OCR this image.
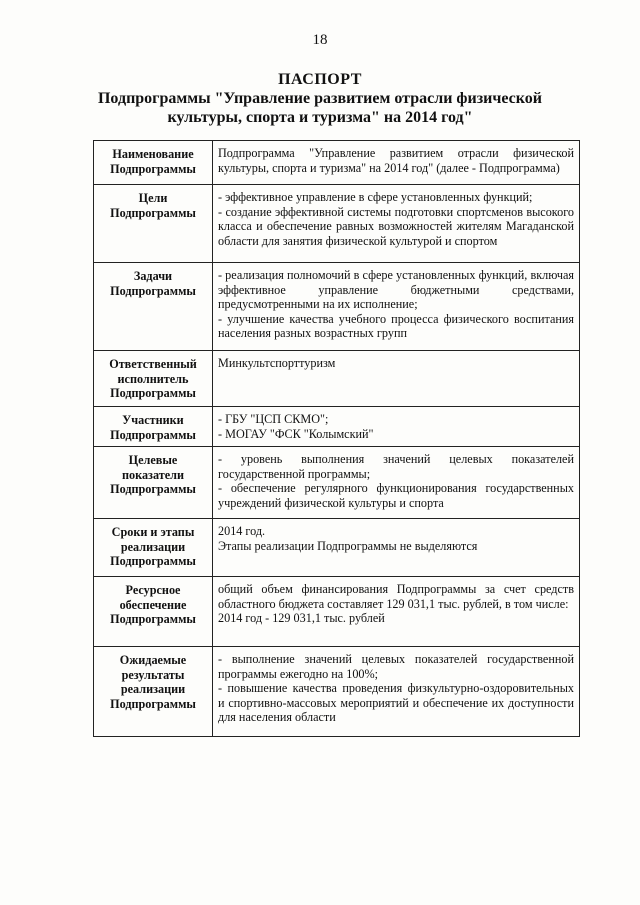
18
ПАСПОРТ
Подпрограммы "Управление развитием отрасли физической
культуры, спорта и туризма" на 2014 год"
Наименование Подпрограммы	Подпрограмма "Управление развитием отрасли физической культуры, спорта и туризма" на 2014 год" (далее - Подпрограмма)

Цели Подпрограммы	- эффективное управление в сфере установленных функций;
- создание эффективной системы подготовки спортсменов высокого класса и обеспечение равных возможностей жителям Магаданской области для занятия физической культурой и спортом

Задачи Подпрограммы	- реализация полномочий в сфере установленных функций, включая эффективное управление бюджетными средствами, предусмотренными на их исполнение;
- улучшение качества учебного процесса физического воспитания населения разных возрастных групп

Ответственный исполнитель Подпрограммы	Минкультспорттуризм

Участники Подпрограммы	- ГБУ "ЦСП СКМО";
- МОГАУ "ФСК "Колымский"

Целевые показатели Подпрограммы	- уровень выполнения значений целевых показателей государственной программы;
- обеспечение регулярного функционирования государственных учреждений физической культуры и спорта

Сроки и этапы реализации Подпрограммы	2014 год.
Этапы реализации Подпрограммы не выделяются

Ресурсное обеспечение Подпрограммы	общий объем финансирования Подпрограммы за счет средств областного бюджета составляет 129 031,1 тыс. рублей, в том числе:
2014 год - 129 031,1 тыс. рублей

Ожидаемые результаты реализации Подпрограммы	- выполнение значений целевых показателей государственной программы ежегодно на 100%;
- повышение качества проведения физкультурно-оздоровительных и спортивно-массовых мероприятий и обеспечение их доступности для населения области
